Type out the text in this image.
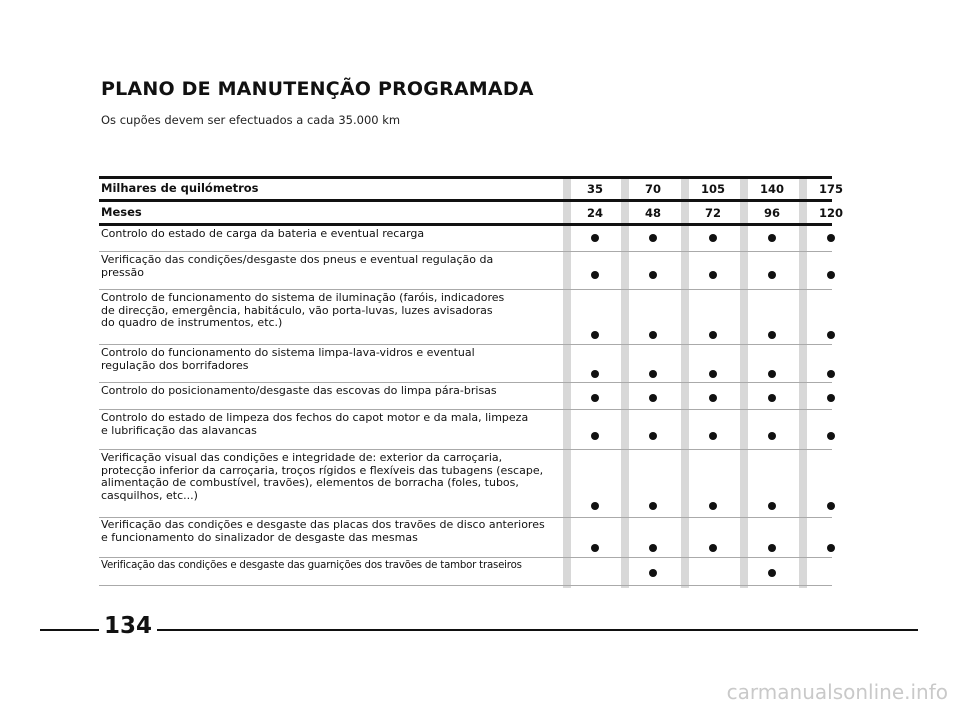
PLANO DE MANUTENÇÃO PROGRAMADA
Os cupões devem ser efectuados a cada 35.000 km
Milhares de quilómetros
Meses
35
24
70
48
105
72
140
96
175
120
Controlo do estado de carga da bateria e eventual recarga
Verificação das condições/desgaste dos pneus e eventual regulação da
pressão
Controlo de funcionamento do sistema de iluminação (faróis, indicadores
de direcção, emergência, habitáculo, vão porta-luvas, luzes avisadoras
do quadro de instrumentos, etc.)
Controlo do funcionamento do sistema limpa-lava-vidros e eventual
regulação dos borrifadores
Controlo do posicionamento/desgaste das escovas do limpa pára-brisas
Controlo do estado de limpeza dos fechos do capot motor e da mala, limpeza
e lubrificação das alavancas
Verificação visual das condições e integridade de: exterior da carroçaria,
protecção inferior da carroçaria, troços rígidos e flexíveis das tubagens (escape,
alimentação de combustível, travões), elementos de borracha (foles, tubos,
casquilhos, etc...)
Verificação das condições e desgaste das placas dos travões de disco anteriores
e funcionamento do sinalizador de desgaste das mesmas
Verificação das condições e desgaste das guarnições dos travões de tambor traseiros
134
carmanualsonline.info
